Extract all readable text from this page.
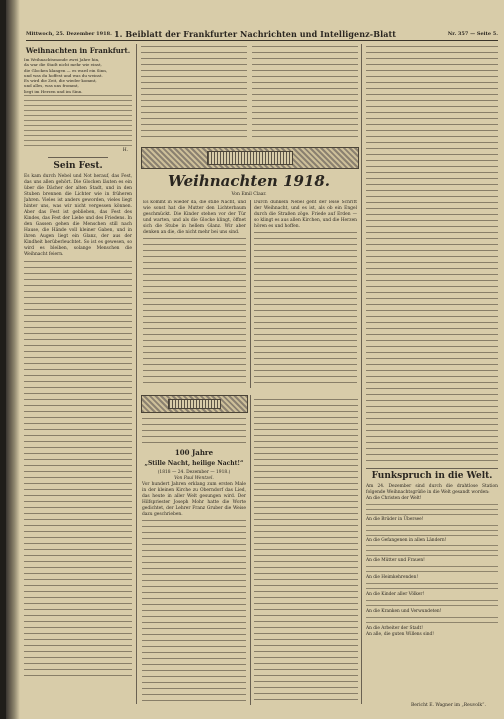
Mittwoch, 25. Dezember 1918. 1. Beiblatt der Frankfurter Nachrichten und Intelligenz-Blatt	Nr. 357 — Seite 5.
Weihnachten in Frankfurt.
Im Weihnachtsmonde zwei Jahre hin,
da war die Stadt nicht mehr wie einst,
die Glocken klangen — es ward ein Sinn,
und was du hoffest und was du weinst.
Es wird die Zeit, die wieder kommt,
und alles, was uns frommt,
liegt im Herzen und im Sinn.
H.
Sein Fest.

Es kam durch Nebel und Not herauf, das Fest, das uns allen gehört. Die Glocken läuten es ein über die Dächer der alten Stadt, und in den Stuben brennen die Lichter wie in früheren Jahren. Vieles ist anders geworden, vieles liegt hinter uns, was wir nicht vergessen können. Aber das Fest ist geblieben, das Fest des Kindes, das Fest der Liebe und des Friedens. In den Gassen gehen die Menschen still nach Hause, die Hände voll kleiner Gaben, und in ihren Augen liegt ein Glanz, der aus der Kindheit herüberleuchtet. So ist es gewesen, so wird es bleiben, solange Menschen die Weihnacht feiern.

Weihnachten 1918.
Von Emil Claar.

Es kommt in wieder da, die stille Nacht, und wie sonst hat die Mutter den Lichterbaum geschmückt. Die Kinder stehen vor der Tür und warten, und als die Glocke klingt, öffnet sich die Stube in hellem Glanz. Wir aber denken an die, die nicht mehr bei uns sind.

Durch dunkeln Nebel geht der leise Schritt der Weihnacht, und es ist, als ob ein Engel durch die Straßen zöge. Friede auf Erden — so klingt es aus allen Kirchen, und die Herzen hören es und hoffen.

100 Jahre
„Stille Nacht, heilige Nacht!“
(1818 — 24. Dezember — 1918.)
Von Paul Wentzel.

Vor hundert Jahren erklang zum ersten Male in der kleinen Kirche zu Oberndorf das Lied, das heute in aller Welt gesungen wird. Der Hilfspriester Joseph Mohr hatte die Worte gedichtet, der Lehrer Franz Gruber die Weise dazu geschrieben.

Funkspruch in die Welt.

Am 24. Dezember sind durch die drahtlose Station folgende Weihnachtsgrüße in die Welt gesandt worden:

An die Christen der Welt!
An die Brüder in Übersee!
An die Gefangenen in allen Ländern!
An die Mütter und Frauen!
An die Heimkehrenden!
An die Kinder aller Völker!
An die Kranken und Verwundeten!
An die Arbeiter der Stadt!
An alle, die guten Willens sind!
Bericht E. Wagner im „Reuvolk“.
